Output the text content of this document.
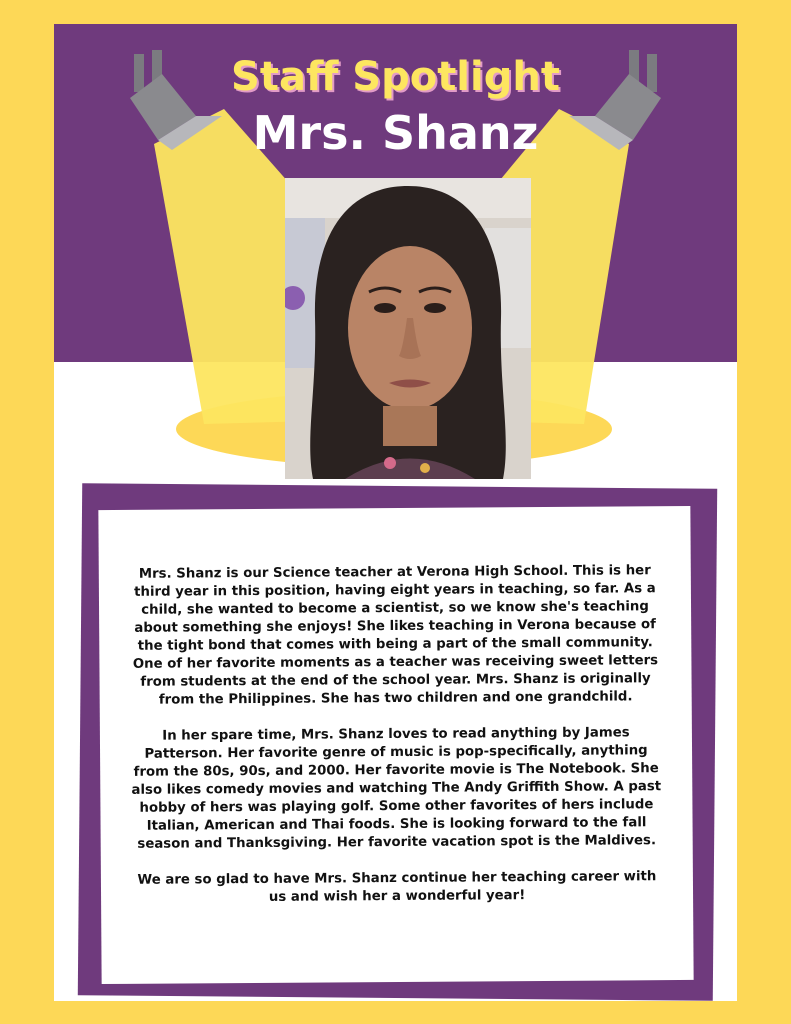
Staff Spotlight
Mrs. Shanz

Mrs. Shanz is our Science teacher at Verona High School. This is her third year in this position, having eight years in teaching, so far. As a child, she wanted to become a scientist, so we know she's teaching about something she enjoys! She likes teaching in Verona because of the tight bond that comes with being a part of the small community. One of her favorite moments as a teacher was receiving sweet letters from students at the end of the school year. Mrs. Shanz is originally from the Philippines. She has two children and one grandchild.

In her spare time, Mrs. Shanz loves to read anything by James Patterson. Her favorite genre of music is pop-specifically, anything from the 80s, 90s, and 2000. Her favorite movie is The Notebook. She also likes comedy movies and watching The Andy Griffith Show. A past hobby of hers was playing golf. Some other favorites of hers include Italian, American and Thai foods. She is looking forward to the fall season and Thanksgiving. Her favorite vacation spot is the Maldives.

We are so glad to have Mrs. Shanz continue her teaching career with us and wish her a wonderful year!
